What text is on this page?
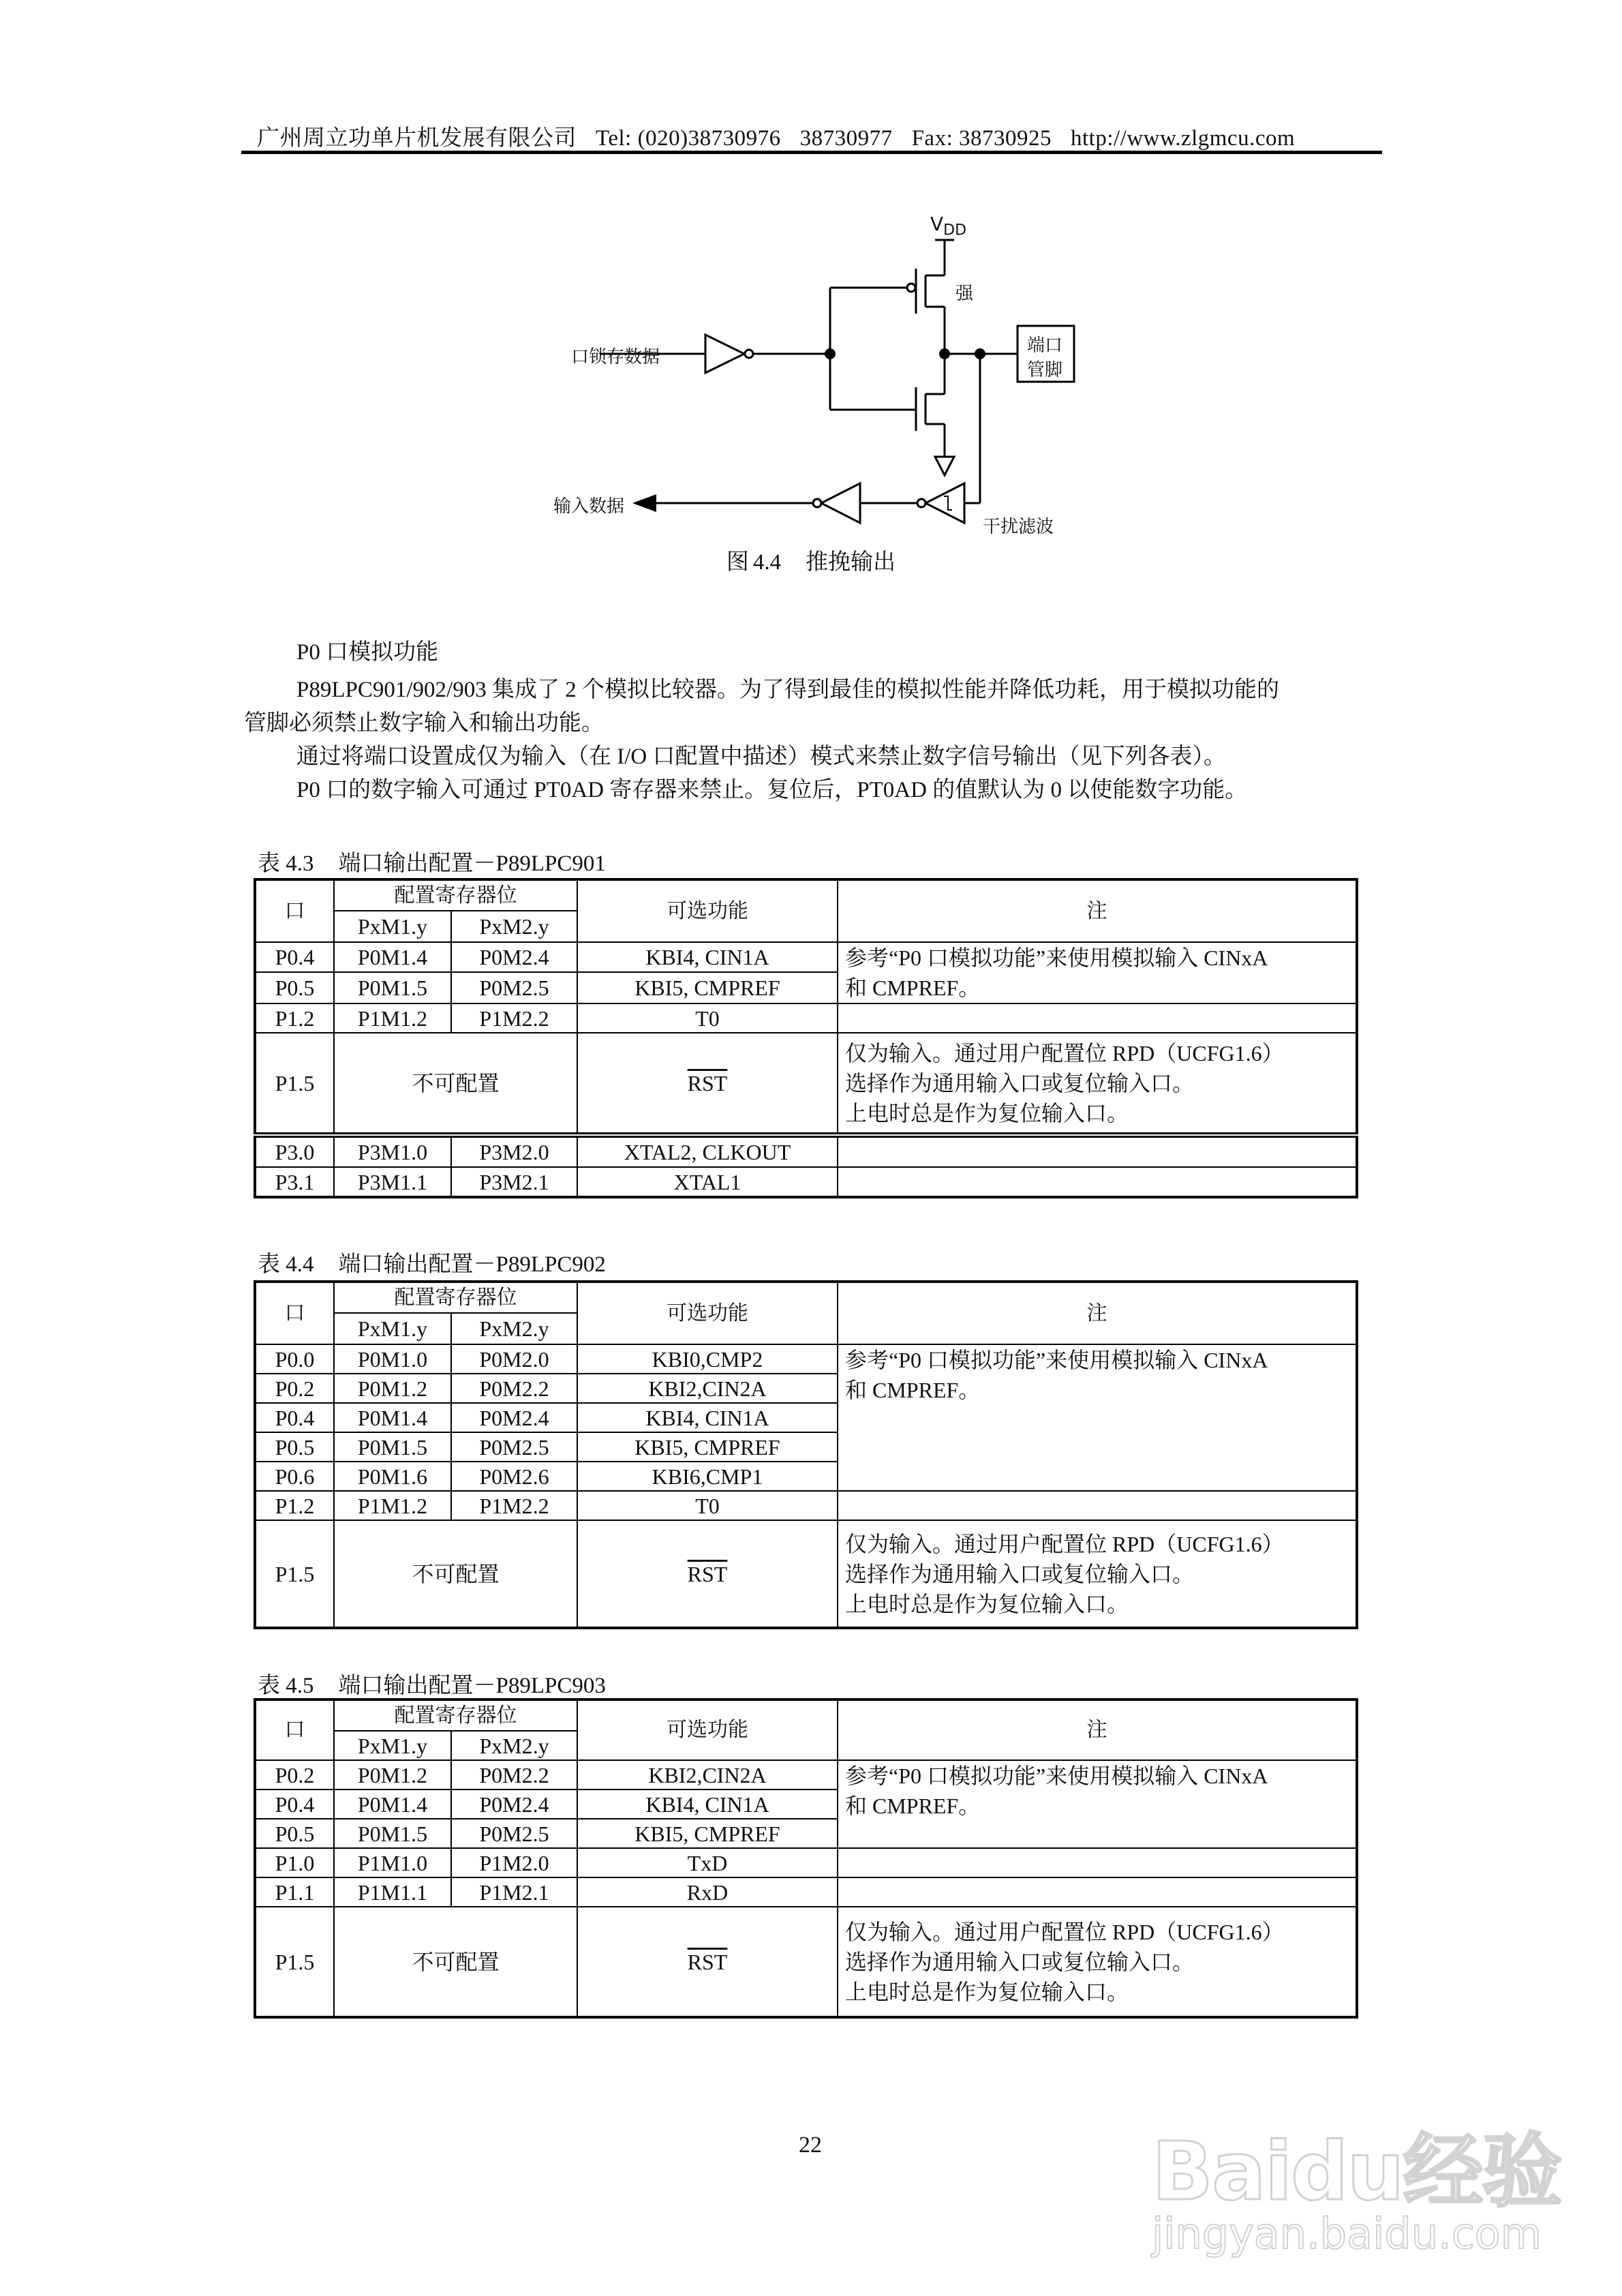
广州周立功单片机发展有限公司 Tel: (020)38730976 38730977 Fax: 38730925 http://www.zlgmcu.com
$V_{DD}$
强
口锁存数据
端口
管脚
输入数据
干扰滤波
图 4.4 推挽输出
P0 口模拟功能
P89LPC901/902/903 集成了 2 个模拟比较器。为了得到最佳的模拟性能并降低功耗，用于模拟功能的
管脚必须禁止数字输入和输出功能。
通过将端口设置成仅为输入（在 I/O 口配置中描述）模式来禁止数字信号输出（见下列各表）。
P0 口的数字输入可通过 PT0AD 寄存器来禁止。复位后，PT0AD 的值默认为 0 以使能数字功能。
表 4.3 端口输出配置－P89LPC901
口	配置寄存器位		可选功能	注
	PxM1.y	PxM2.y		
P0.4	P0M1.4	P0M2.4	KBI4, CIN1A	参考“P0 口模拟功能”来使用模拟输入 CINxA
和 CMPREF。

P0.5	P0M1.5	P0M2.5	KBI5, CMPREF	
P1.2	P1M1.2	P1M2.2	T0	
P1.5	不可配置		$\overline{RST}$	仅为输入。通过用户配置位 RPD（UCFG1.6）
选择作为通用输入口或复位输入口。
上电时总是作为复位输入口。

P3.0	P3M1.0	P3M2.0	XTAL2, CLKOUT	
P3.1	P3M1.1	P3M2.1	XTAL1	
表 4.4 端口输出配置－P89LPC902
口	配置寄存器位		可选功能	注
	PxM1.y	PxM2.y		
P0.0	P0M1.0	P0M2.0	KBI0,CMP2	参考“P0 口模拟功能”来使用模拟输入 CINxA
和 CMPREF。

P0.2	P0M1.2	P0M2.2	KBI2,CIN2A	
P0.4	P0M1.4	P0M2.4	KBI4, CIN1A	
P0.5	P0M1.5	P0M2.5	KBI5, CMPREF	
P0.6	P0M1.6	P0M2.6	KBI6,CMP1	
P1.2	P1M1.2	P1M2.2	T0	
P1.5	不可配置		$\overline{RST}$	仅为输入。通过用户配置位 RPD（UCFG1.6）
选择作为通用输入口或复位输入口。
上电时总是作为复位输入口。
表 4.5 端口输出配置－P89LPC903
口	配置寄存器位		可选功能	注
	PxM1.y	PxM2.y		
P0.2	P0M1.2	P0M2.2	KBI2,CIN2A	参考“P0 口模拟功能”来使用模拟输入 CINxA
和 CMPREF。

P0.4	P0M1.4	P0M2.4	KBI4, CIN1A	
P0.5	P0M1.5	P0M2.5	KBI5, CMPREF	
P1.0	P1M1.0	P1M2.0	TxD	
P1.1	P1M1.1	P1M2.1	RxD	
P1.5	不可配置		$\overline{RST}$	仅为输入。通过用户配置位 RPD（UCFG1.6）
选择作为通用输入口或复位输入口。
上电时总是作为复位输入口。
22	Baidu经验
jingyan.baidu.com
